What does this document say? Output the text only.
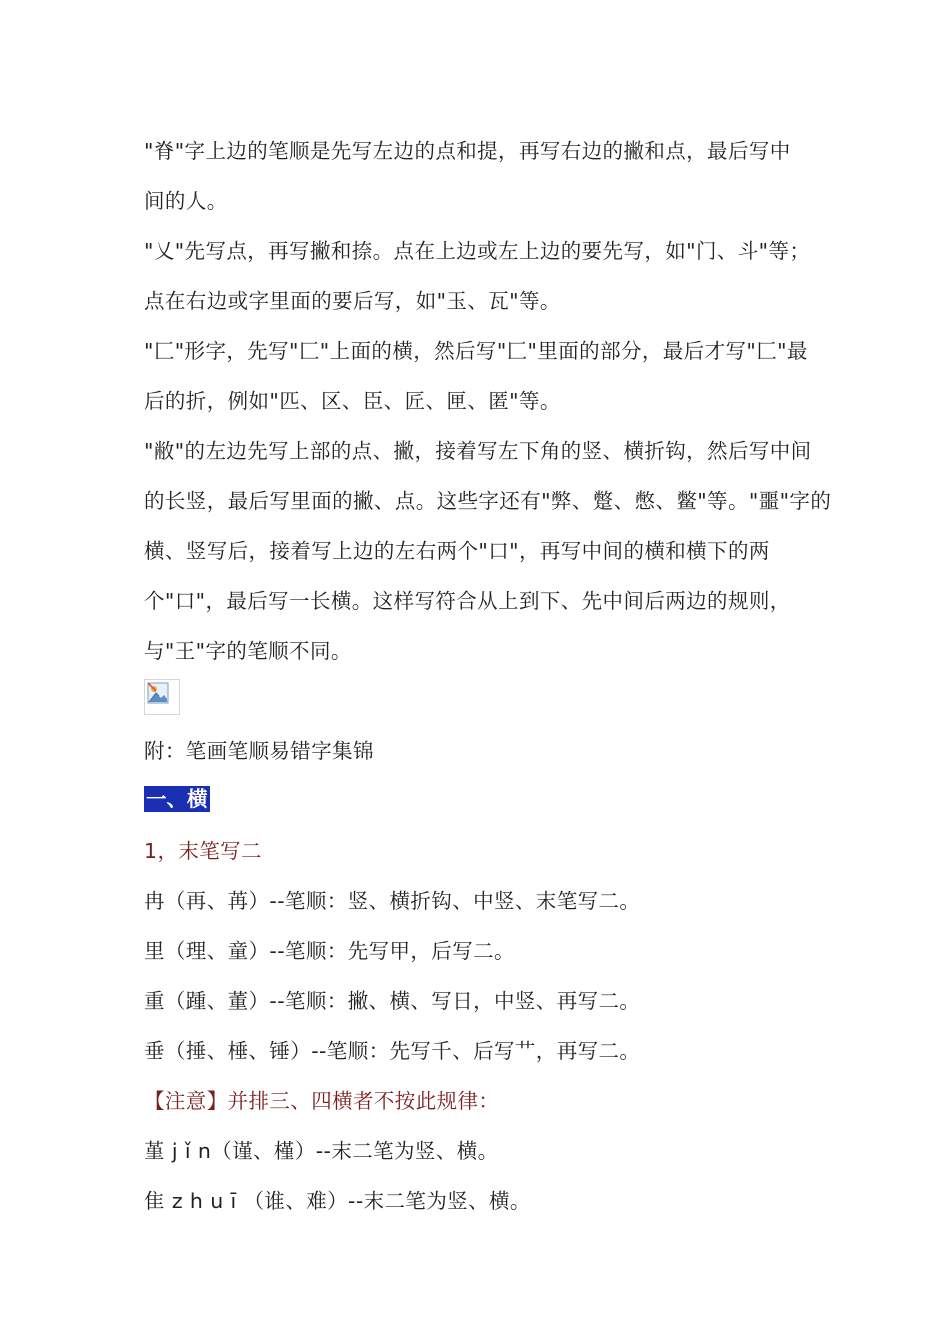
"脊"字上边的笔顺是先写左边的点和提，再写右边的撇和点，最后写中
间的人。
"乂"先写点，再写撇和捺。点在上边或左上边的要先写，如"门、斗"等；
点在右边或字里面的要后写，如"玉、瓦"等。
"匚"形字，先写"匚"上面的横，然后写"匚"里面的部分，最后才写"匚"最
后的折，例如"匹、区、臣、匠、匣、匿"等。
"敝"的左边先写上部的点、撇，接着写左下角的竖、横折钩，然后写中间
的长竖，最后写里面的撇、点。这些字还有"弊、蹩、憋、鳖"等。"噩"字的
横、竖写后，接着写上边的左右两个"口"，再写中间的横和横下的两
个"口"，最后写一长横。这样写符合从上到下、先中间后两边的规则，
与"王"字的笔顺不同。
附：笔画笔顺易错字集锦
一、横
1，末笔写二
冉（再、苒）--笔顺：竖、横折钩、中竖、末笔写二。
里（理、童）--笔顺：先写甲，后写二。
重（踵、董）--笔顺：撇、横、写日，中竖、再写二。
垂（捶、棰、锤）--笔顺：先写千、后写艹，再写二。
【注意】并排三、四横者不按此规律：
堇 j ǐ n（谨、槿）--末二笔为竖、横。
隹 z h u ī （谁、难）--末二笔为竖、横。
